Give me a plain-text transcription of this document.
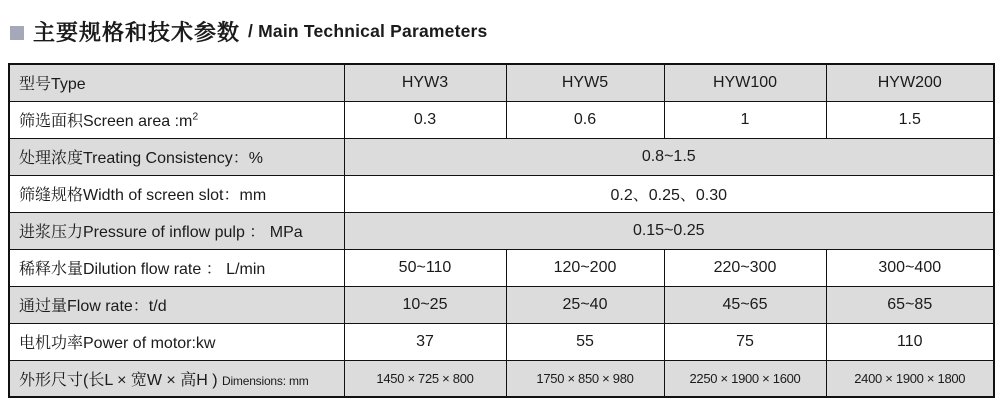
主要规格和技术参数 / Main Technical Parameters
型号Type	HYW3	HYW5	HYW100	HYW200
筛选面积Screen area $:m^2$	0.3	0.6	1	1.5
处理浓度Treating Consistency：%	0.8~1.5			
筛缝规格Width of screen slot：mm	0.2、0.25、0.30			
进浆压力Pressure of inflow pulp ： MPa	0.15~0.25			
稀释水量Dilution flow rate ： L/min	50~110	120~200	220~300	300~400
通过量Flow rate：t/d	10~25	25~40	45~65	65~85
电机功率Power of motor:kw	37	55	75	110
外形尺寸(长L × 宽W × 高H ) Dimensions: mm	1450 × 725 × 800	1750 × 850 × 980	2250 × 1900 × 1600	2400 × 1900 × 1800
